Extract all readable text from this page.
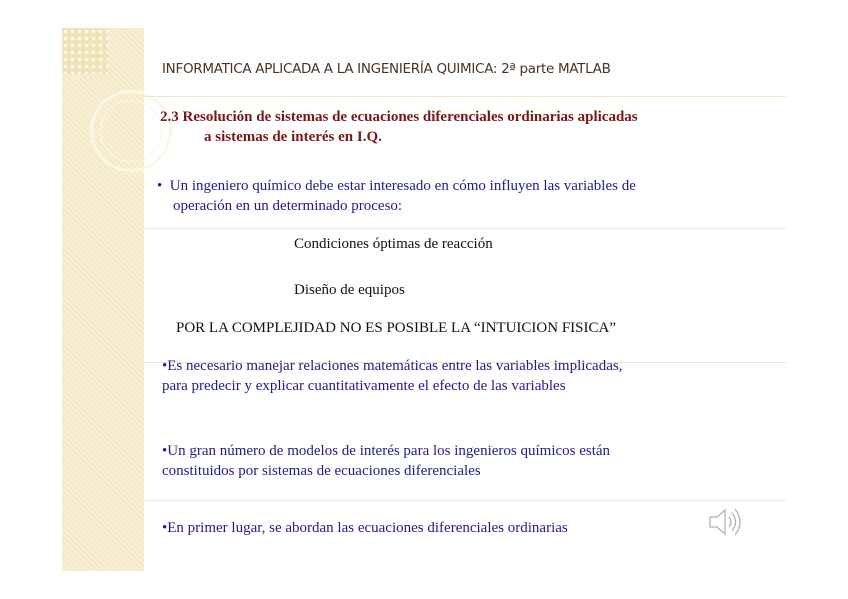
INFORMATICA APLICADA A LA INGENIERÍA QUIMICA: 2ª parte MATLAB
2.3 Resolución de sistemas de ecuaciones diferenciales ordinarias aplicadas
a sistemas de interés en I.Q.
• Un ingeniero químico debe estar interesado en cómo influyen las variables de
operación en un determinado proceso:
Condiciones óptimas de reacción
Diseño de equipos
POR LA COMPLEJIDAD NO ES POSIBLE LA “INTUICION FISICA”
•Es necesario manejar relaciones matemáticas entre las variables implicadas,
para predecir y explicar cuantitativamente el efecto de las variables
•Un gran número de modelos de interés para los ingenieros químicos están
constituidos por sistemas de ecuaciones diferenciales
•En primer lugar, se abordan las ecuaciones diferenciales ordinarias
